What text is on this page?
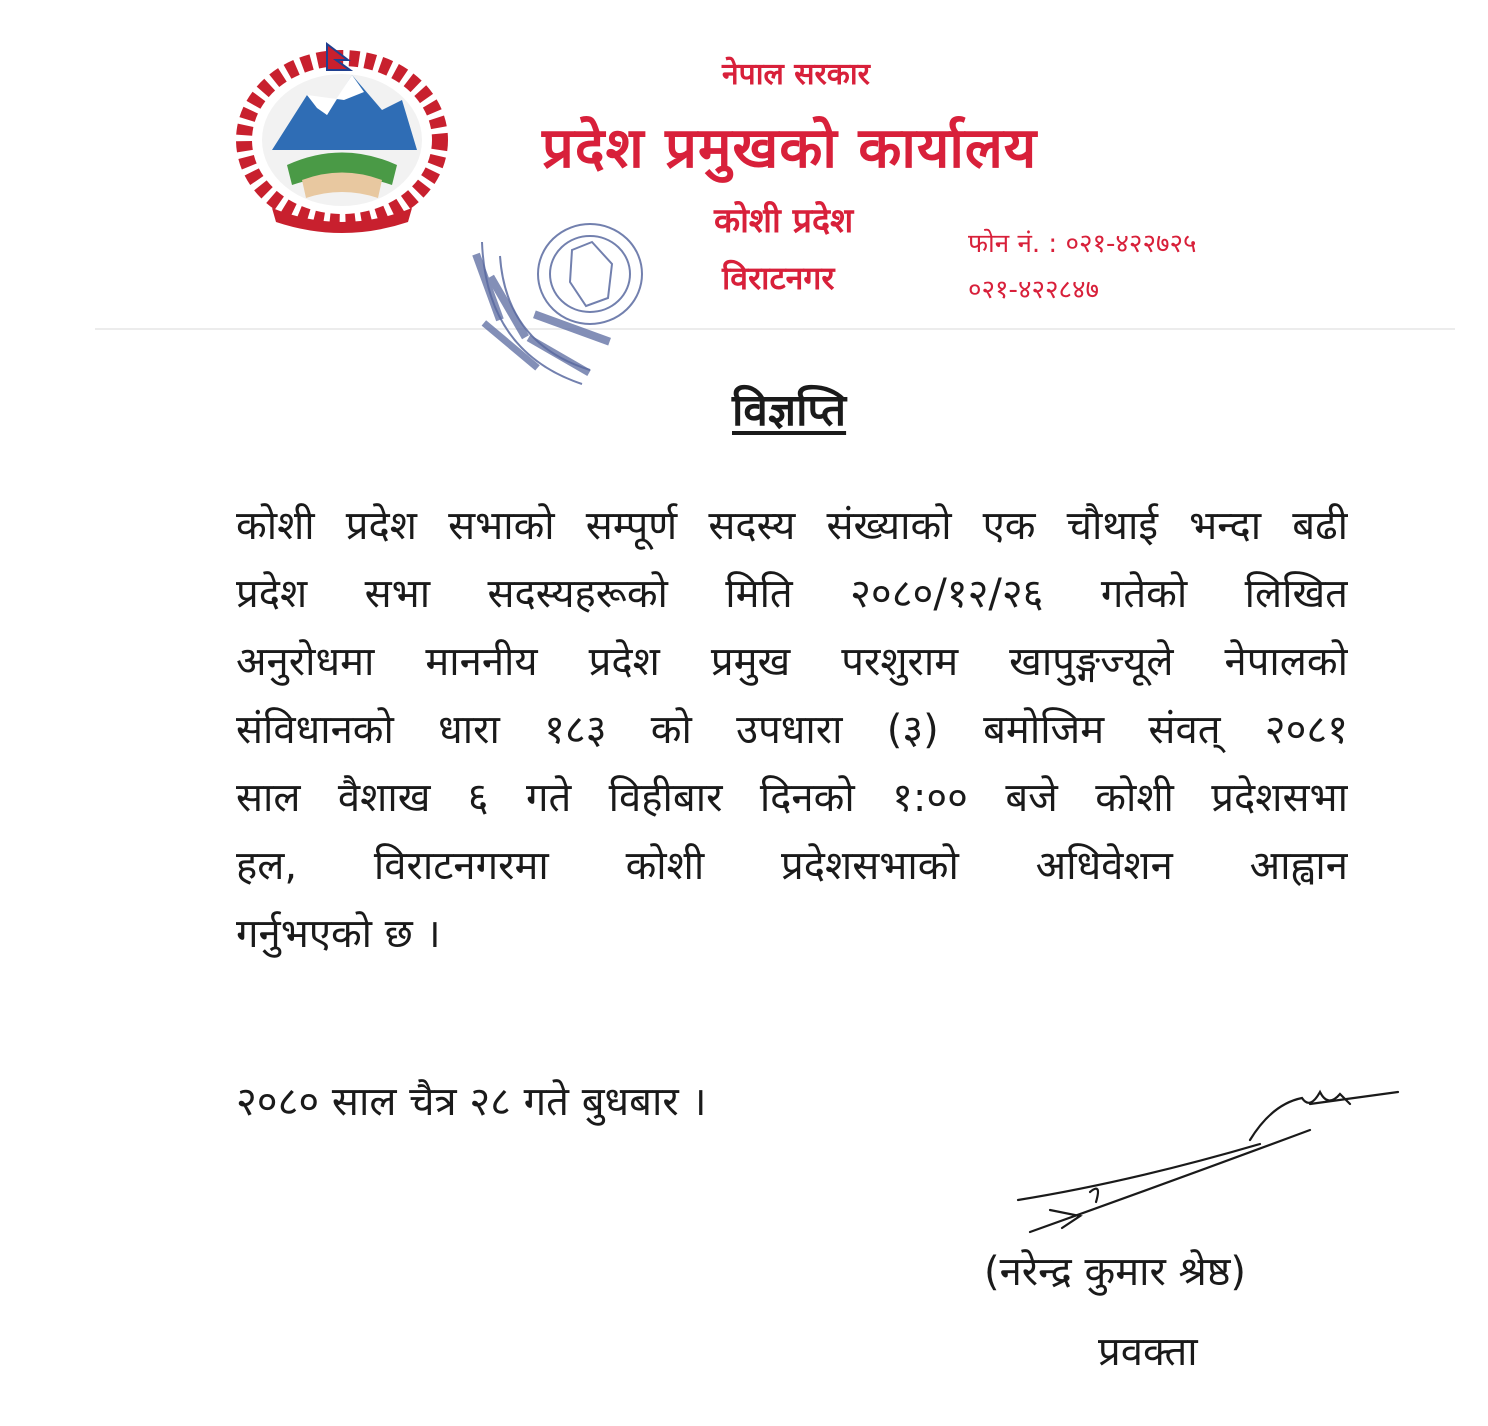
नेपाल सरकार
प्रदेश प्रमुखको कार्यालय
कोशी प्रदेश
विराटनगर
फोन नं. : ०२१-४२२७२५
०२१-४२२८४७
विज्ञप्ति
कोशी प्रदेश सभाको सम्पूर्ण सदस्य संख्याको एक चौथाई भन्दा बढी
प्रदेश सभा सदस्यहरूको मिति २०८०/१२/२६ गतेको लिखित
अनुरोधमा माननीय प्रदेश प्रमुख परशुराम खापुङ्गज्यूले नेपालको
संविधानको धारा १८३ को उपधारा (३) बमोजिम संवत् २०८१
साल वैशाख ६ गते विहीबार दिनको १:०० बजे कोशी प्रदेशसभा
हल, विराटनगरमा कोशी प्रदेशसभाको अधिवेशन आह्वान
गर्नुभएको छ ।
२०८० साल चैत्र २८ गते बुधबार ।
(नरेन्द्र कुमार श्रेष्ठ)
प्रवक्ता
